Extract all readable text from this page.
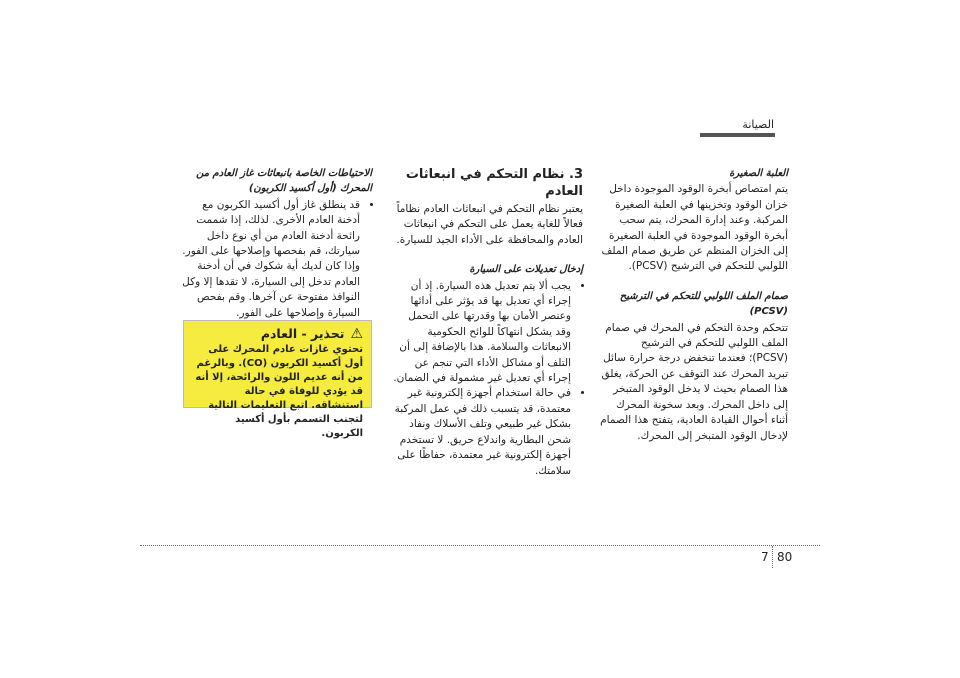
الصيانة

العلبة الصغيرة

يتم امتصاص أبخرة الوقود الموجودة داخل خزان الوقود وتخزينها في العلبة الصغيرة المركبة. وعند إدارة المحرك، يتم سحب أبخرة الوقود الموجودة في العلبة الصغيرة إلى الخزان المنظم عن طريق صمام الملف اللولبي للتحكم في الترشيح (PCSV).

صمام الملف اللولبي للتحكم في الترشيح (PCSV)

تتحكم وحدة التحكم في المحرك في صمام الملف اللولبي للتحكم في الترشيح (PCSV)؛ فعندما تنخفض درجة حرارة سائل تبريد المحرك عند التوقف عن الحركة، يغلق هذا الصمام بحيث لا يدخل الوقود المتبخر إلى داخل المحرك. وبعد سخونة المحرك أثناء أحوال القيادة العادية، يتفتح هذا الصمام لإدخال الوقود المتبخر إلى المحرك.

3. نظام التحكم في انبعاثات العادم

يعتبر نظام التحكم في انبعاثات العادم نظاماً فعالاً للغاية يعمل على التحكم في انبعاثات العادم والمحافظة على الأداء الجيد للسيارة.

إدخال تعديلات على السيارة

• يجب ألا يتم تعديل هذه السيارة. إذ أن إجراء أي تعديل بها قد يؤثر على أدائها وعنصر الأمان بها وقدرتها على التحمل وقد يشكل انتهاكاً للوائح الحكومية الانبعاثات والسلامة. هذا بالإضافة إلى أن التلف أو مشاكل الأداء التي تنجم عن إجراء أي تعديل غير مشمولة في الضمان.
• في حالة استخدام أجهزة إلكترونية غير معتمدة، قد يتسبب ذلك في عمل المركبة بشكل غير طبيعي وتلف الأسلاك ونفاد شحن البطارية واندلاع حريق. لا تستخدم أجهزة إلكترونية غير معتمدة، حفاظًا على سلامتك.

الاحتياطات الخاصة بانبعاثات غاز العادم من المحرك (أول أكسيد الكربون)

• قد ينطلق غاز أول أكسيد الكربون مع أدخنة العادم الأخرى. لذلك، إذا شممت رائحة أدخنة العادم من أي نوع داخل سيارتك، قم بفحصها وإصلاحها على الفور. وإذا كان لديك أية شكوك في أن أدخنة العادم تدخل إلى السيارة، لا تقدها إلا وكل النوافذ مفتوحة عن آخرها. وقم بفحص السيارة وإصلاحها على الفور.
⚠
تحذير - العادم
تحتوي غازات عادم المحرك على أول أكسيد الكربون (CO). وبالرغم من أنه عديم اللون والرائحة، إلا أنه قد يؤدي للوفاة في حالة استنشاقه. اتبع التعليمات التالية لتجنب التسمم بأول أكسيد الكربون.
7 80
